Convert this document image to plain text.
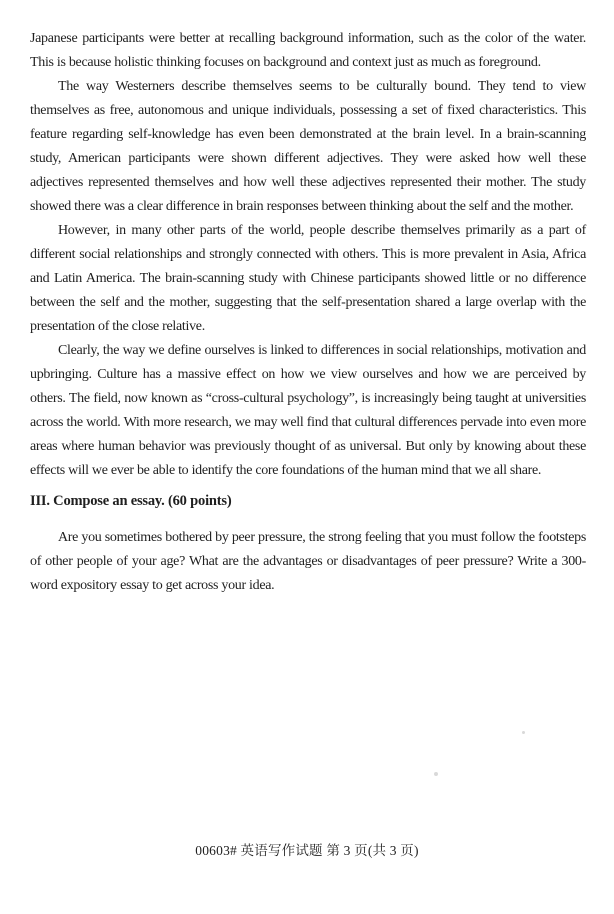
Japanese participants were better at recalling background information, such as the color of the water. This is because holistic thinking focuses on background and context just as much as foreground.

The way Westerners describe themselves seems to be culturally bound. They tend to view themselves as free, autonomous and unique individuals, possessing a set of fixed characteristics. This feature regarding self-knowledge has even been demonstrated at the brain level. In a brain-scanning study, American participants were shown different adjectives. They were asked how well these adjectives represented themselves and how well these adjectives represented their mother. The study showed there was a clear difference in brain responses between thinking about the self and the mother.

However, in many other parts of the world, people describe themselves primarily as a part of different social relationships and strongly connected with others. This is more prevalent in Asia, Africa and Latin America. The brain-scanning study with Chinese participants showed little or no difference between the self and the mother, suggesting that the self-presentation shared a large overlap with the presentation of the close relative.

Clearly, the way we define ourselves is linked to differences in social relationships, motivation and upbringing. Culture has a massive effect on how we view ourselves and how we are perceived by others. The field, now known as “cross-cultural psychology”, is increasingly being taught at universities across the world. With more research, we may well find that cultural differences pervade into even more areas where human behavior was previously thought of as universal. But only by knowing about these effects will we ever be able to identify the core foundations of the human mind that we all share.

III. Compose an essay. (60 points)

Are you sometimes bothered by peer pressure, the strong feeling that you must follow the footsteps of other people of your age? What are the advantages or disadvantages of peer pressure? Write a 300-word expository essay to get across your idea.

00603# 英语写作试题 第 3 页(共 3 页)
